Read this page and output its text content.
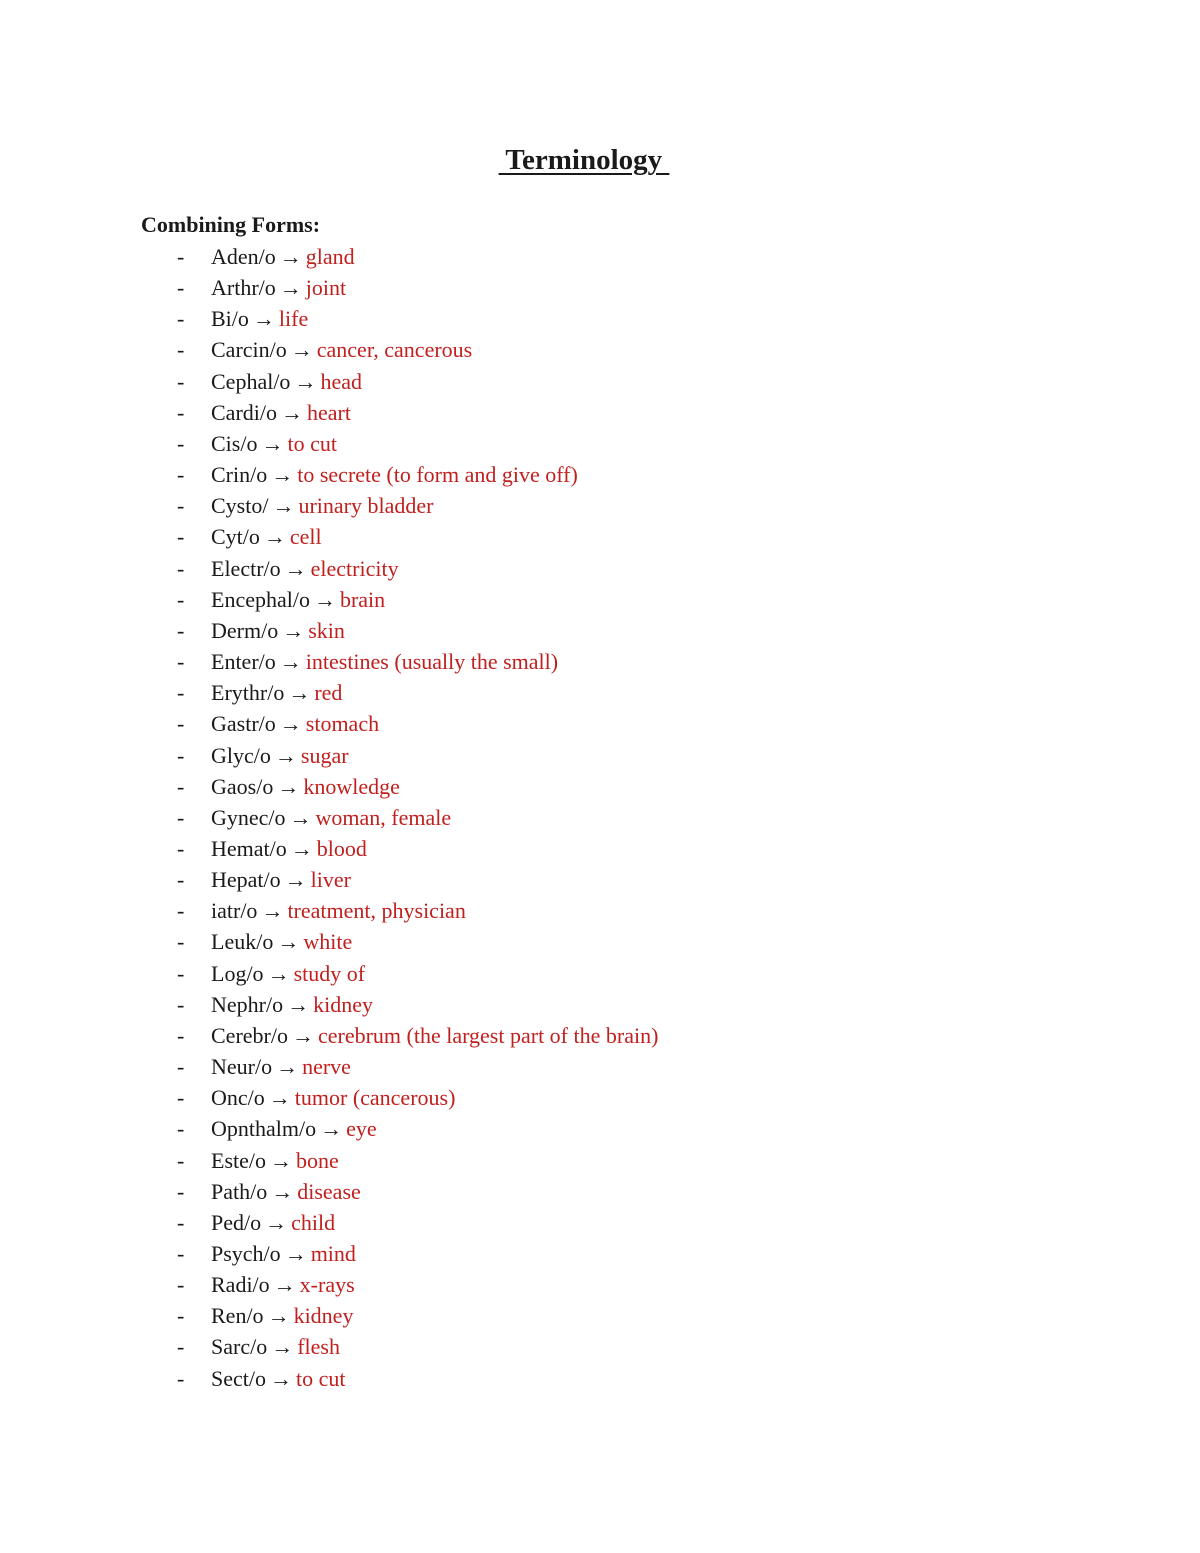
Terminology
Combining Forms:
- Aden/o → gland
- Arthr/o → joint
- Bi/o → life
- Carcin/o → cancer, cancerous
- Cephal/o → head
- Cardi/o → heart
- Cis/o → to cut
- Crin/o → to secrete (to form and give off)
- Cysto/ → urinary bladder
- Cyt/o → cell
- Electr/o → electricity
- Encephal/o → brain
- Derm/o → skin
- Enter/o → intestines (usually the small)
- Erythr/o → red
- Gastr/o → stomach
- Glyc/o → sugar
- Gaos/o → knowledge
- Gynec/o → woman, female
- Hemat/o → blood
- Hepat/o → liver
- iatr/o → treatment, physician
- Leuk/o → white
- Log/o → study of
- Nephr/o → kidney
- Cerebr/o → cerebrum (the largest part of the brain)
- Neur/o → nerve
- Onc/o → tumor (cancerous)
- Opnthalm/o → eye
- Este/o → bone
- Path/o → disease
- Ped/o → child
- Psych/o → mind
- Radi/o → x-rays
- Ren/o → kidney
- Sarc/o → flesh
- Sect/o → to cut
